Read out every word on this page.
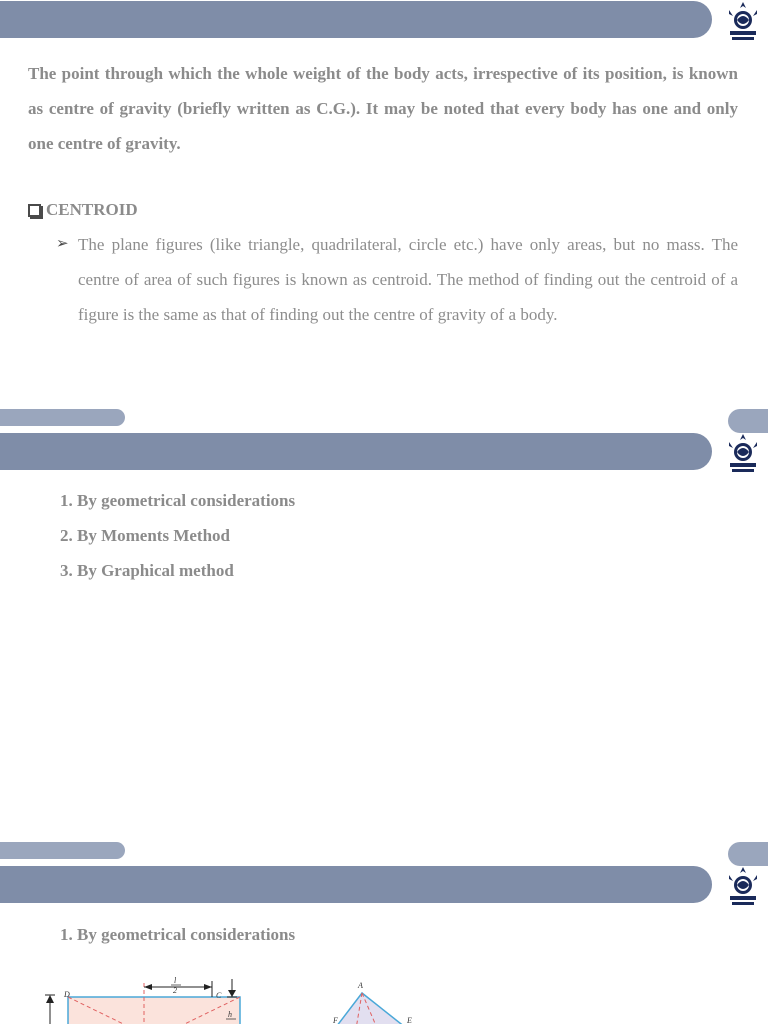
The point through which the whole weight of the body acts, irrespective of its position, is known as centre of gravity (briefly written as C.G.). It may be noted that every body has one and only one centre of gravity.

CENTROID
➢ The plane figures (like triangle, quadrilateral, circle etc.) have only areas, but no mass. The centre of area of such figures is known as centroid. The method of finding out the centroid of a figure is the same as that of finding out the centre of gravity of a body.

1. By geometrical considerations
2. By Moments Method
3. By Graphical method
1. By geometrical considerations
D	C
l
2
h
A
F	E
